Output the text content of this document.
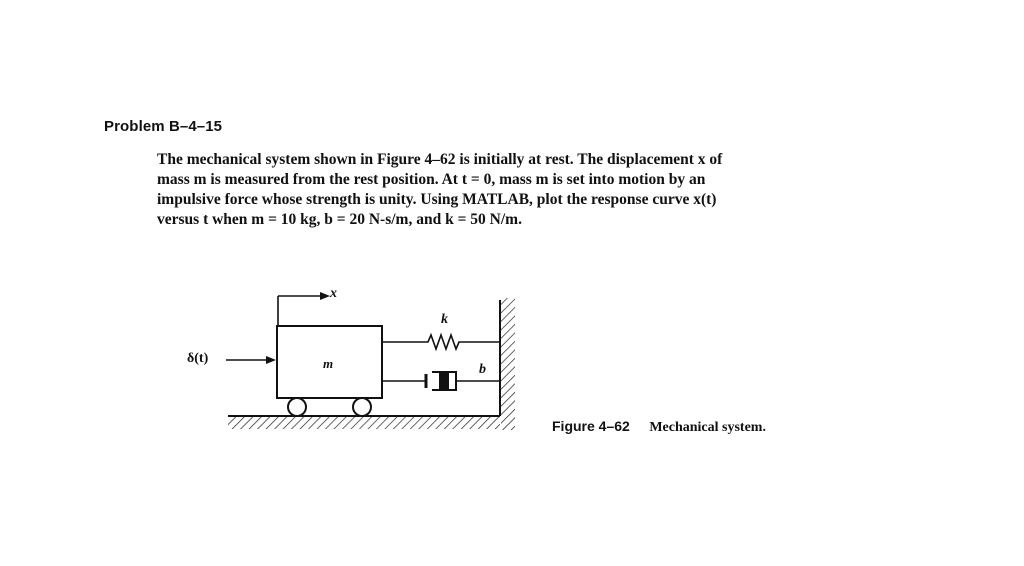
Problem B–4–15
The mechanical system shown in Figure 4–62 is initially at rest. The displacement x of
mass m is measured from the rest position. At t = 0, mass m is set into motion by an
impulsive force whose strength is unity. Using MATLAB, plot the response curve x(t)
versus t when m = 10 kg, b = 20 N-s/m, and k = 50 N/m.
x
m
k
b
δ(t)
Figure 4–62 Mechanical system.
